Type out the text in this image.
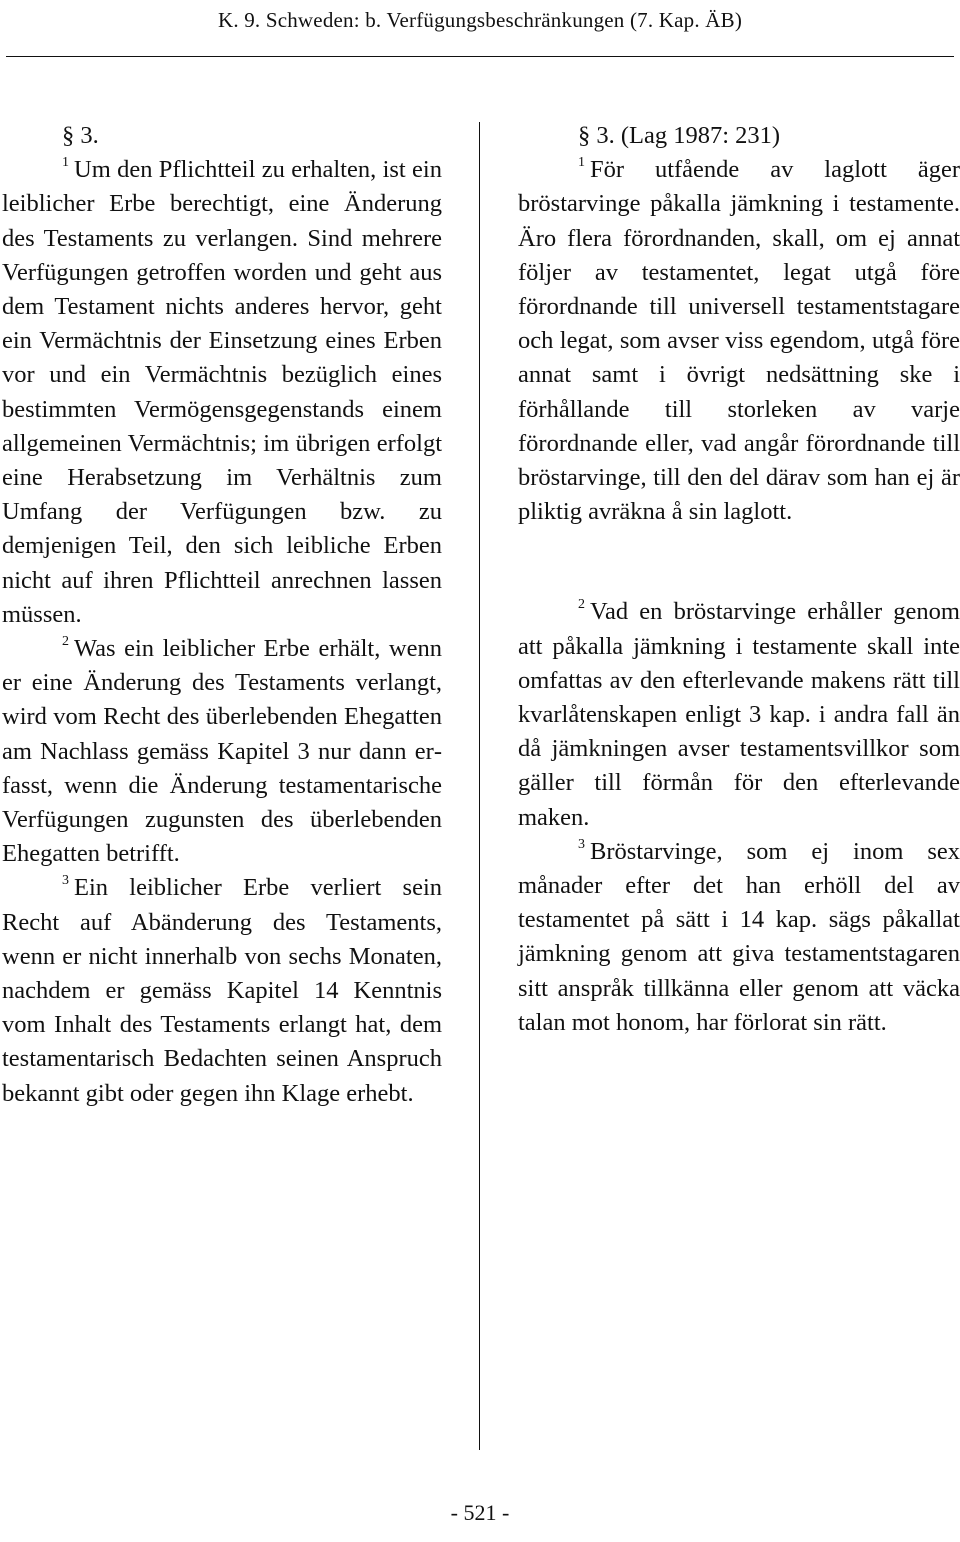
K. 9. Schweden: b. Verfügungsbeschränkungen (7. Kap. ÄB)
§ 3.

$^1$ Um den Pflichtteil zu erhalten, ist ein leiblicher Erbe berechtigt, eine Änderung des Testaments zu verlangen. Sind mehrere Verfügungen getroffen worden und geht aus dem Testament nichts anderes hervor, geht ein Vermächtnis der Einsetzung eines Erben vor und ein Vermächtnis bezüglich eines bestimmten Vermögensgegenstands einem allgemeinen Vermächtnis; im übrigen erfolgt eine Herabsetzung im Verhältnis zum Umfang der Verfügungen bzw. zu demjenigen Teil, den sich leibliche Erben nicht auf ihren Pflichtteil anrechnen lassen müssen.

$^2$ Was ein leiblicher Erbe erhält, wenn er eine Änderung des Testaments verlangt, wird vom Recht des überlebenden Ehegatten am Nachlass gemäss Kapitel 3 nur dann erfasst, wenn die Änderung testamentarische Verfügungen zugunsten des überlebenden Ehegatten betrifft.

$^3$ Ein leiblicher Erbe verliert sein Recht auf Abänderung des Testaments, wenn er nicht innerhalb von sechs Monaten, nachdem er gemäss Kapitel 14 Kenntnis vom Inhalt des Testaments erlangt hat, dem testamentarisch Bedachten seinen Anspruch bekannt gibt oder gegen ihn Klage erhebt.

§ 3. (Lag 1987: 231)

$^1$ För utfående av laglott äger bröstarvinge påkalla jämkning i testamente. Äro flera förordnanden, skall, om ej annat följer av testamentet, legat utgå före förordnande till universell testamentstagare och legat, som avser viss egendom, utgå före annat samt i övrigt nedsättning ske i förhållande till storleken av varje förordnande eller, vad angår förordnande till bröstarvinge, till den del därav som han ej är pliktig avräkna å sin laglott.

$^2$ Vad en bröstarvinge erhåller genom att påkalla jämkning i testamente skall inte omfattas av den efterlevande makens rätt till kvarlåtenskapen enligt 3 kap. i andra fall än då jämkningen avser testamentsvillkor som gäller till förmån för den efterlevande maken.

$^3$ Bröstarvinge, som ej inom sex månader efter det han erhöll del av testamentet på sätt i 14 kap. sägs påkallat jämkning genom att giva testamentstagaren sitt anspråk tillkänna eller genom att väcka talan mot honom, har förlorat sin rätt.

- 521 -
